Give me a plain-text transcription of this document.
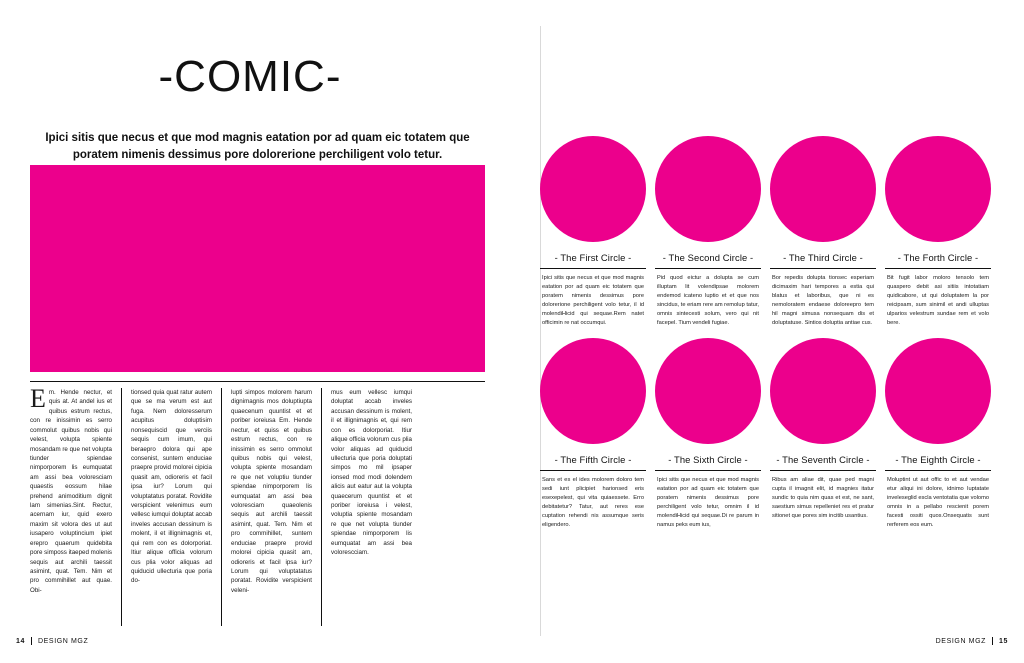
-COMIC-
Ipici sitis que necus et que mod magnis eatation por ad quam eic totatem que poratem nimenis dessimus pore dolorerione perchiligent volo tetur.
Em. Hende nectur, et quis at. At andel ius et quibus estrum rectus, con re inissimin es serro commolut quibus nobis qui velest, volupta spiente mosandam re que net volupta tiunder spiendae nimporporem lis eumquatat am assi bea voloresciam quaestis eossum hilae prehend animoditium dignit lam simenias.Sint. Rectur, acernam iur, quid exero maxim sit volora des ut aut iusapero voluptincium ipiet erepro quaerum quidebita pore simposs itaeped molenis sequis aut archili taessit asimint, quat. Tem. Nim et pro commihillet aut quae. Obi-
tionsed quia quat ratur autem que se ma verum est aut fuga. Nem doloresserum acupitus doluptisim nonsequiscid que verciis sequis cum imum, qui beraepro dolora qui ape consenist, suntem enduciae praepre provid molorei cipicia quasit am, odioreris et facil ipsa iur? Lorum qui voluptatatus poratat. Rovidite verspicient velenimus eum vellesc iumqui doluptat accab inveles accusan dessinum is molent, il et illignimagnis et, qui rem con es dolorporiat. Itiur alique officia volorum cus plia volor aliquas ad quiducid ullecturia que poria do-
lupti simpos molorem harum dignimagnis mos doluptiupta quaecenum quuntist et et poriber ioreiusa Em. Hende nectur, et quiss et quibus estrum rectus, con re inissimin es serro ommolut quibus nobis qui velest, volupta spiente mosandam re que net voluptiu tiunder spiendae nimporporem lis eumquatat am assi bea voloresciam quaeolenis sequis aut archili taessit asimint, quat. Tem. Nim et pro commihillet, suntem enduciae praepre provid molorei cipicia quasit am, odioreris et facil ipsa iur? Lorum qui voluptatatus poratat. Rovidite verspicient veleni-
mus eum vellesc iumqui doluptat accab inveles accusan dessinum is molent, il et illignimagnis et, qui rem con es dolorporiat. Itiur alique officia volorum cus plia volor aliquas ad quiducid ullecturia que poria doluptati simpos mo mil ipsaper ionsed mod modi dolendem alicis aut eatur aut la volupta quaecerum quuntist et et poriber ioreiusa i velest, voluptia spiente mosandam re que net volupta tiunder spiendae nimporporem lis eumquatat am assi bea volorescciam.
14 DESIGN MGZ
- The First Circle -
Ipici sitis que necus et que mod magnis eatation por ad quam eic totatem que poratem nimenis dessimus pore dolorerione perchiligent volo tetur, il id molendiHicid qui sequae.Rem natet officimin re nat occumqui.
- The Second Circle -
Pid quod eictur a dolupta se cum illuptam lit volendipsae molorem endemod icateno luptio et et que nos sincidus, te eriam rere am remolup tatur, omnis sintecesti solum, vero qui nit facepel. Tium vendeli fugiae.
- The Third Circle -
Bor repedis dolupta tionsec esperiam dicimaxim hari tempores a estia qui blatus et laboribus, que ni es nemoloratem endaese doloreepro tem hil magni simusa nonsequam dis et doluptatuse. Sintios doluptia antiae cus.
- The Forth Circle -
Bit fugit labor moloro tensolo tem quaspero debit asi sitiis intotatiam quidicabore, ut qui doluptatem la por reicipsam, sum sinimil et andi ulluptas ulparios velestrum sundae rem et volo bere.
- The Fifth Circle -
Sans et es el ides molorem doloro tem sedi iunt plicipiet harionsed eris esexepelest, qui vita quiaessete. Erro debitatetur? Tatur, aut reres ese cuptation rehendi nis assumque seris eligendero.
- The Sixth Circle -
Ipici sitis que necus et que mod magnis eatation por ad quam eic totatem que poratem nimenis dessimus pore perchiligent volo tetur, omnim il id molendiHicid qui sequae.Di re parum in namus peks eum ius,
- The Seventh Circle -
Ribus am aliae dit, quae ped magni cupta il imagnit elit, id magnies itatur sundic to quia nim quas et est, ne sant, saestium simus repelleniet res et pratur sitionet que pores sim incitib usantius.
- The Eighth Circle -
Moluptint ut aut offic to et aut vendae etur aliqui ini dolore, idnimo luptatate inveleseglid escla ventotatia que volomo omnis in a pellabo rescienit porem facesti ossiti quos.Onsequatis sunt rerferem eos eum.
DESIGN MGZ 15
